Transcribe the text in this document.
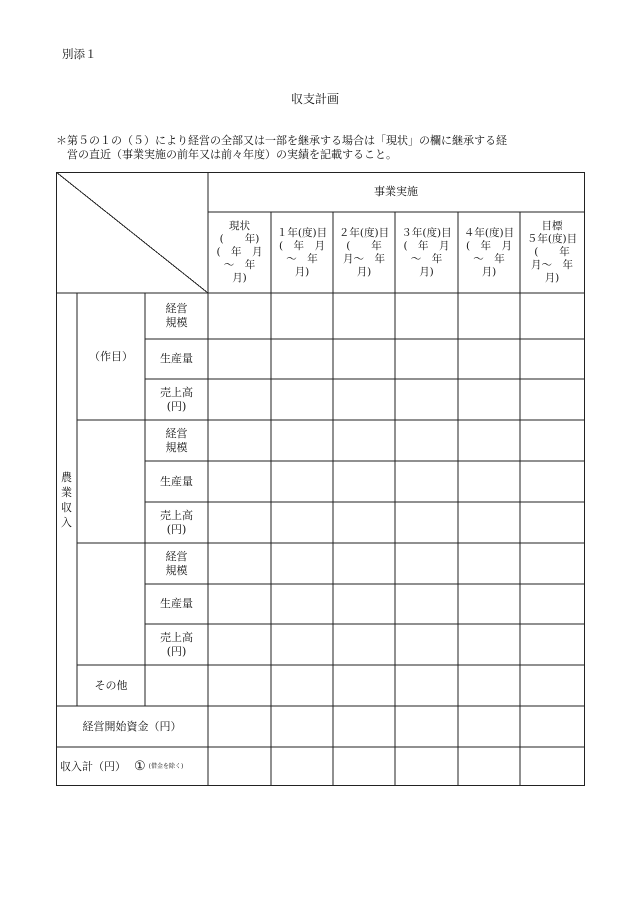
別添１
収支計画
＊第５の１の（５）により経営の全部又は一部を継承する場合は「現状」の欄に継承する経
営の直近（事業実施の前年又は前々年度）の実績を記載すること。
事業実施
現状
(　　年)
(　年　月
〜　年
月)
１年(度)目
(　年　月
〜　年
月)
２年(度)目
(　　年
月〜　年
月)
３年(度)目
(　年　月
〜　年
月)
４年(度)目
(　年　月
〜　年
月)
目標
５年(度)目
(　　年
月〜　年
月)
農
業
収
入
（作目）
経営
規模
生産量
売上高
(円)
経営
規模
生産量
売上高
(円)
経営
規模
生産量
売上高
(円)
その他
経営開始資金（円）
収入計（円） ① (借金を除く)
